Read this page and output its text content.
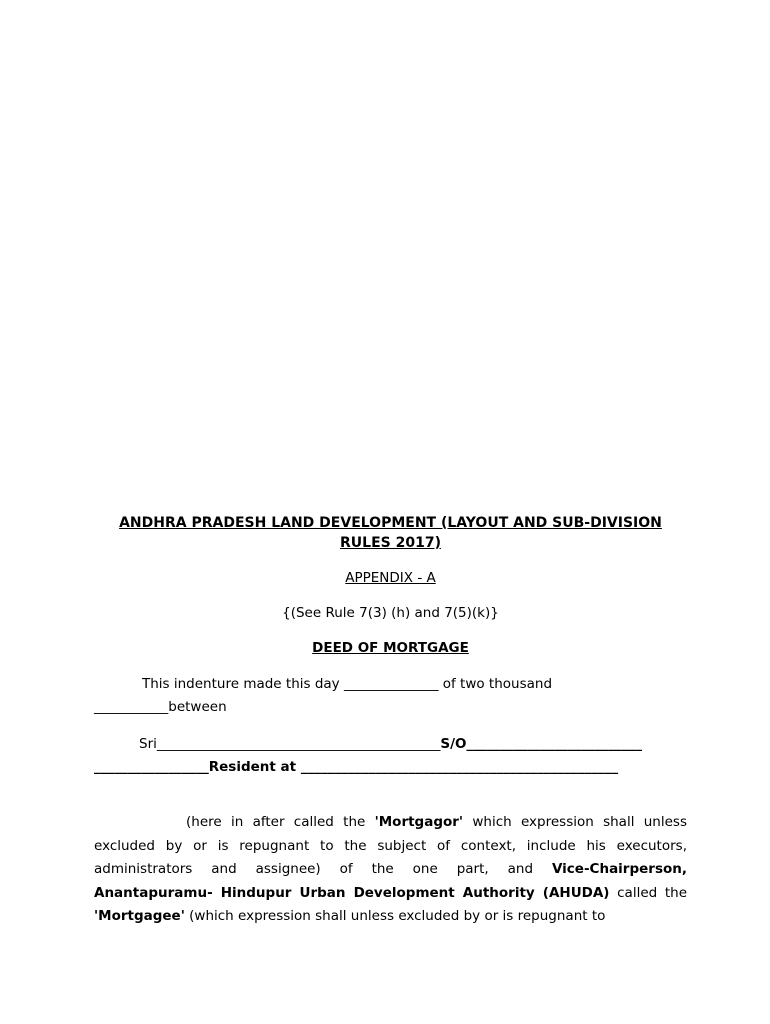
ANDHRA PRADESH LAND DEVELOPMENT (LAYOUT AND SUB-DIVISION
RULES 2017)

APPENDIX - A

{(See Rule 7(3) (h) and 7(5)(k)}

DEED OF MORTGAGE

This indenture made this day ______________ of two thousand
___________between

Sri__________________________________________S/O__________________________
_________________Resident at _______________________________________________

(here in after called the 'Mortgagor' which expression shall unless excluded by or is repugnant to the subject of context, include his executors, administrators and assignee) of the one part, and Vice-Chairperson, Anantapuramu- Hindupur Urban Development Authority (AHUDA) called the 'Mortgagee' (which expression shall unless excluded by or is repugnant to
